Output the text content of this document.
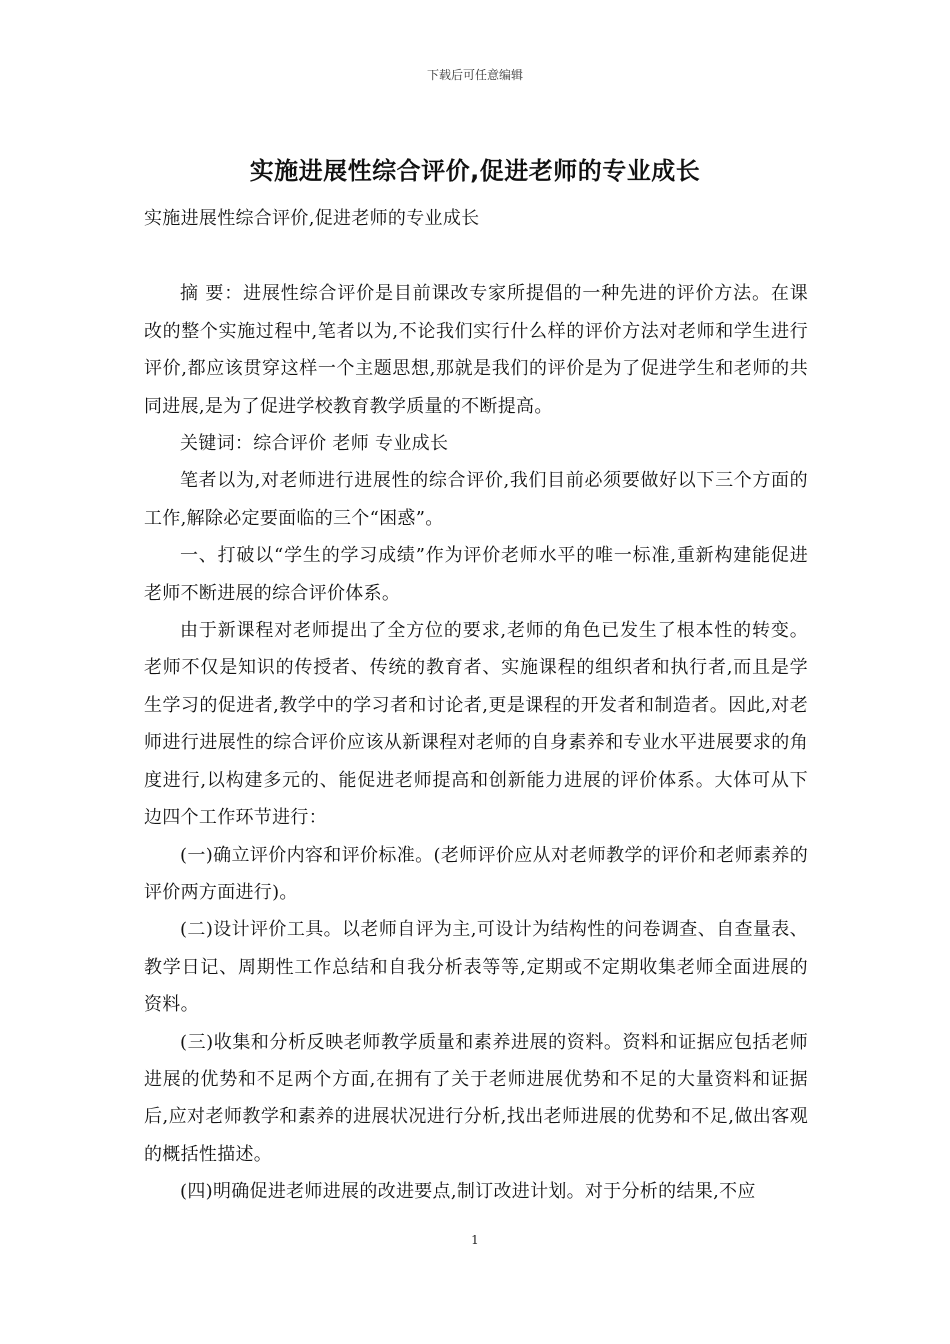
下载后可任意编辑
实施进展性综合评价,促进老师的专业成长

实施进展性综合评价,促进老师的专业成长

摘 要：进展性综合评价是目前课改专家所提倡的一种先进的评价方法。在课改的整个实施过程中,笔者以为,不论我们实行什么样的评价方法对老师和学生进行评价,都应该贯穿这样一个主题思想,那就是我们的评价是为了促进学生和老师的共同进展,是为了促进学校教育教学质量的不断提高。

关键词：综合评价 老师 专业成长

笔者以为,对老师进行进展性的综合评价,我们目前必须要做好以下三个方面的工作,解除必定要面临的三个“困惑”。

一、打破以“学生的学习成绩”作为评价老师水平的唯一标准,重新构建能促进老师不断进展的综合评价体系。

由于新课程对老师提出了全方位的要求,老师的角色已发生了根本性的转变。老师不仅是知识的传授者、传统的教育者、实施课程的组织者和执行者,而且是学生学习的促进者,教学中的学习者和讨论者,更是课程的开发者和制造者。因此,对老师进行进展性的综合评价应该从新课程对老师的自身素养和专业水平进展要求的角度进行,以构建多元的、能促进老师提高和创新能力进展的评价体系。大体可从下边四个工作环节进行：

(一)确立评价内容和评价标准。(老师评价应从对老师教学的评价和老师素养的评价两方面进行)。

(二)设计评价工具。以老师自评为主,可设计为结构性的问卷调查、自查量表、教学日记、周期性工作总结和自我分析表等等,定期或不定期收集老师全面进展的资料。

(三)收集和分析反映老师教学质量和素养进展的资料。资料和证据应包括老师进展的优势和不足两个方面,在拥有了关于老师进展优势和不足的大量资料和证据后,应对老师教学和素养的进展状况进行分析,找出老师进展的优势和不足,做出客观的概括性描述。

(四)明确促进老师进展的改进要点,制订改进计划。对于分析的结果,不应

1
